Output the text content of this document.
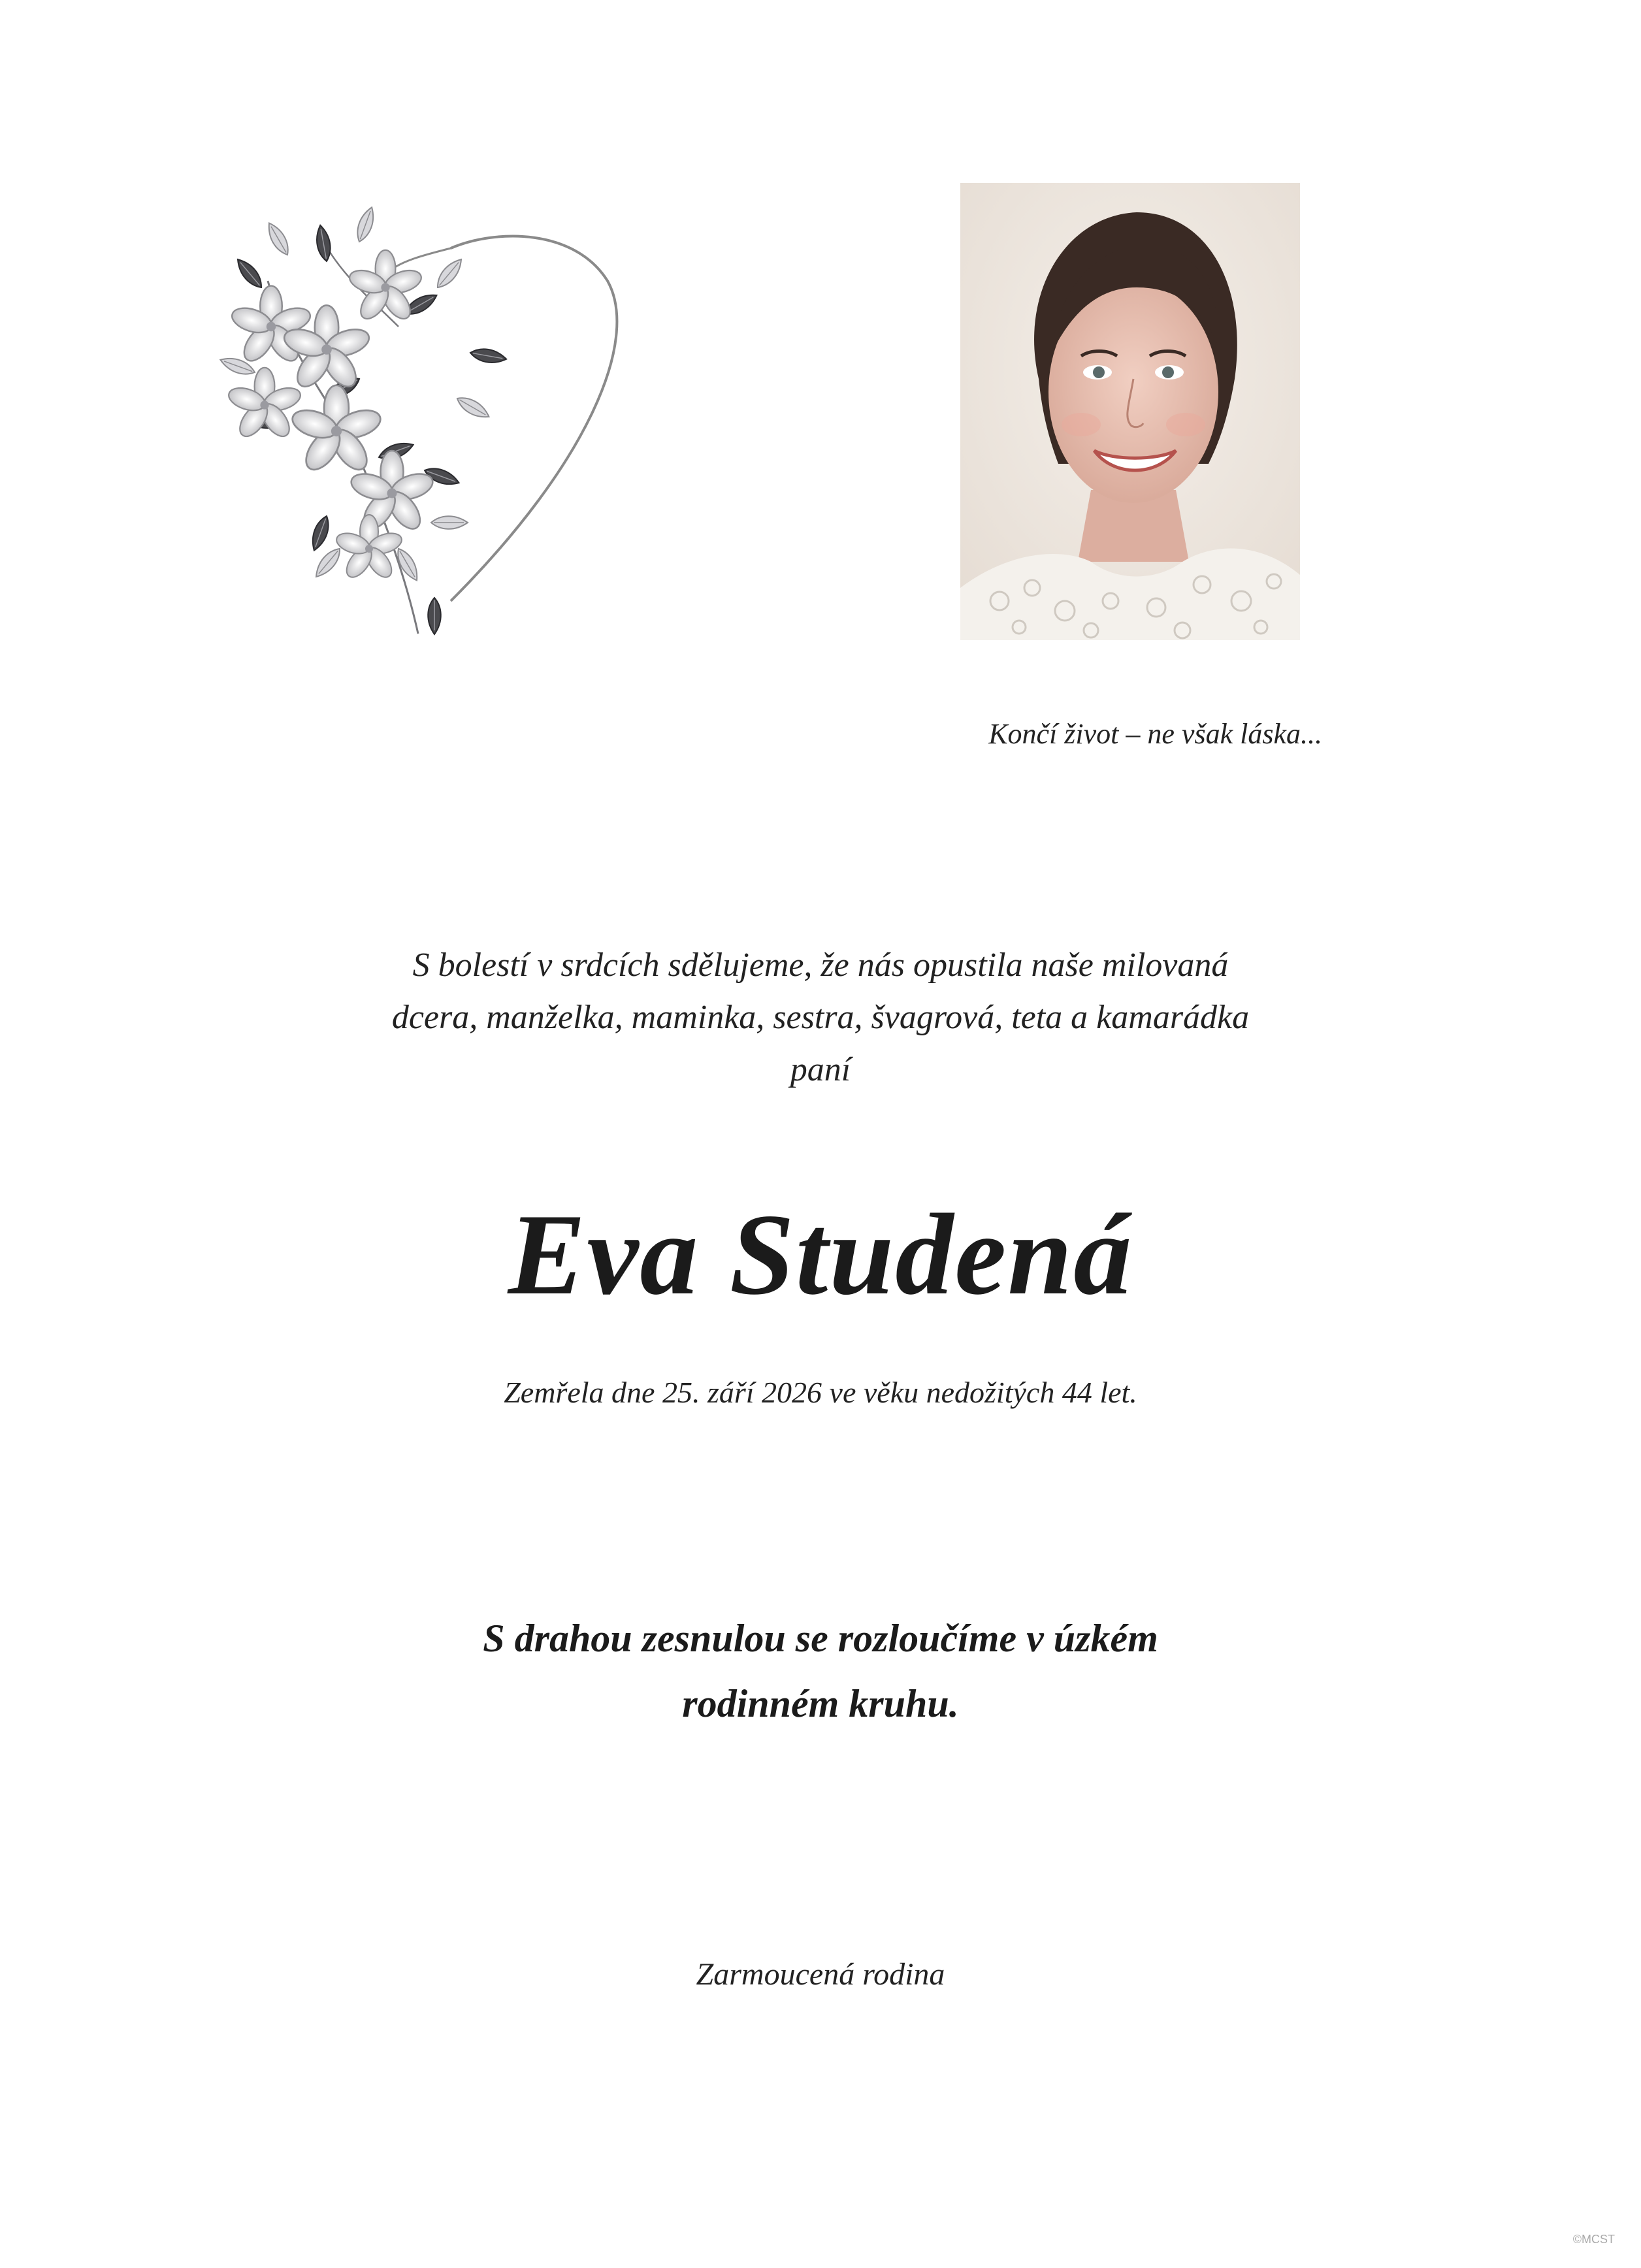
Končí život – ne však láska...
S bolestí v srdcích sdělujeme, že nás opustila naše milovaná
dcera, manželka, maminka, sestra, švagrová, teta a kamarádka
paní
Eva Studená
Zemřela dne 25. září 2026 ve věku nedožitých 44 let.
S drahou zesnulou se rozloučíme v úzkém
rodinném kruhu.
Zarmoucená rodina
©MCST
